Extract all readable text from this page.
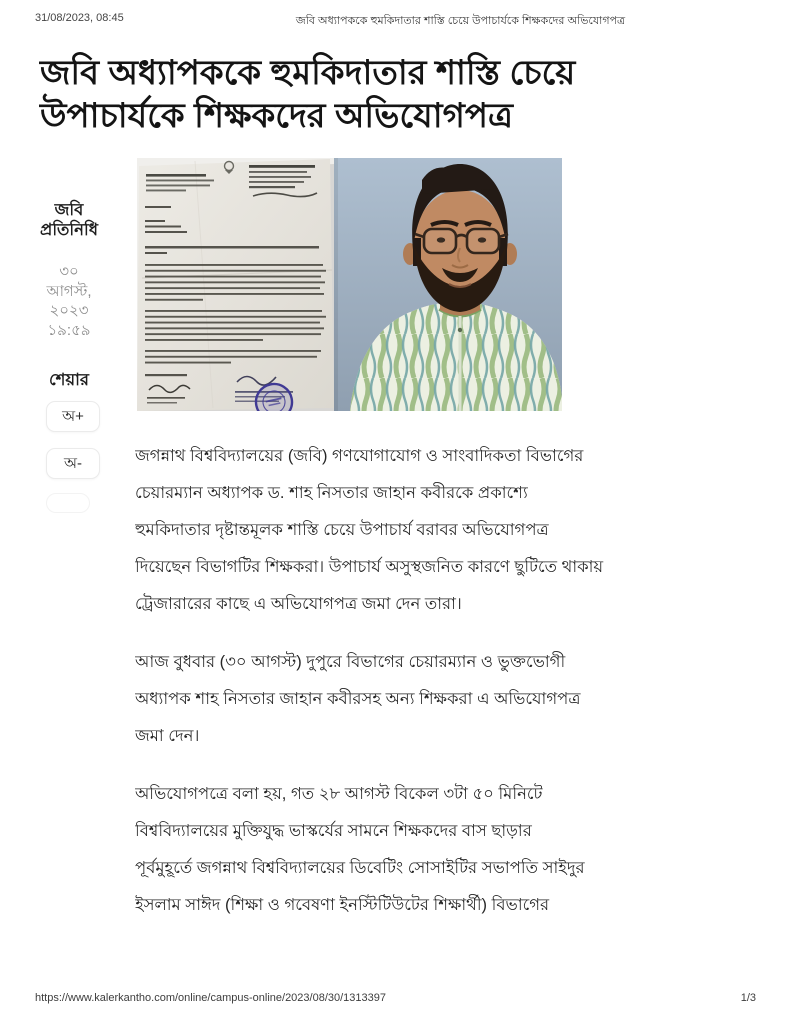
31/08/2023, 08:45	জবি অধ্যাপককে হুমকিদাতার শাস্তি চেয়ে উপাচার্যকে শিক্ষকদের অভিযোগপত্র
জবি অধ্যাপককে হুমকিদাতার শাস্তি চেয়ে
উপাচার্যকে শিক্ষকদের অভিযোগপত্র
জবি প্রতিনিধি
৩০ আগস্ট, ২০২৩ ১৯:৫৯
শেয়ার
অ+
অ-	জগন্নাথ বিশ্ববিদ্যালয়ের (জবি) গণযোগাযোগ ও সাংবাদিকতা বিভাগের
চেয়ারম্যান অধ্যাপক ড. শাহ নিসতার জাহান কবীরকে প্রকাশ্যে
হুমকিদাতার দৃষ্টান্তমূলক শাস্তি চেয়ে উপাচার্য বরাবর অভিযোগপত্র
দিয়েছেন বিভাগটির শিক্ষকরা। উপাচার্য অসুস্থজনিত কারণে ছুটিতে থাকায়
ট্রেজারারের কাছে এ অভিযোগপত্র জমা দেন তারা।
আজ বুধবার (৩০ আগস্ট) দুপুরে বিভাগের চেয়ারম্যান ও ভুক্তভোগী
অধ্যাপক শাহ নিসতার জাহান কবীরসহ অন্য শিক্ষকরা এ অভিযোগপত্র
জমা দেন।
অভিযোগপত্রে বলা হয়, গত ২৮ আগস্ট বিকেল ৩টা ৫০ মিনিটে
বিশ্ববিদ্যালয়ের মুক্তিযুদ্ধ ভাস্কর্যের সামনে শিক্ষকদের বাস ছাড়ার
পূর্বমুহূর্তে জগন্নাথ বিশ্ববিদ্যালয়ের ডিবেটিং সোসাইটির সভাপতি সাইদুর
ইসলাম সাঈদ (শিক্ষা ও গবেষণা ইনস্টিটিউটের শিক্ষার্থী) বিভাগের
https://www.kalerkantho.com/online/campus-online/2023/08/30/1313397	1/3
